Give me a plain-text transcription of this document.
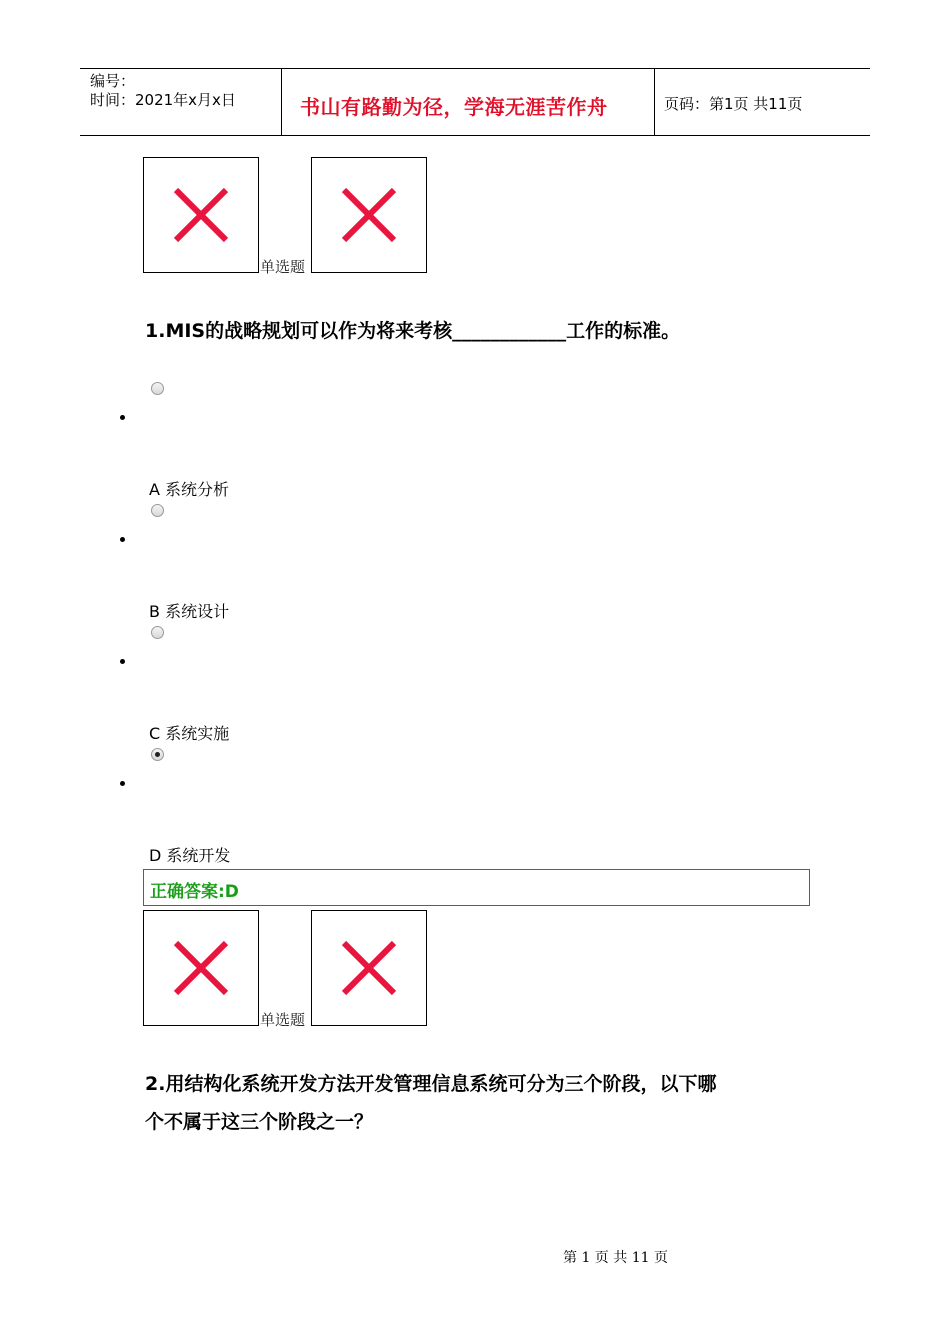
编号：
时间：2021年x月x日	书山有路勤为径，学海无涯苦作舟	页码：第1页 共11页
单选题
1.MIS的战略规划可以作为将来考核____________工作的标准。
A 系统分析
B 系统设计
C 系统实施
D 系统开发
正确答案:D
单选题
2.用结构化系统开发方法开发管理信息系统可分为三个阶段，以下哪
个不属于这三个阶段之一？
第 1 页 共 11 页
